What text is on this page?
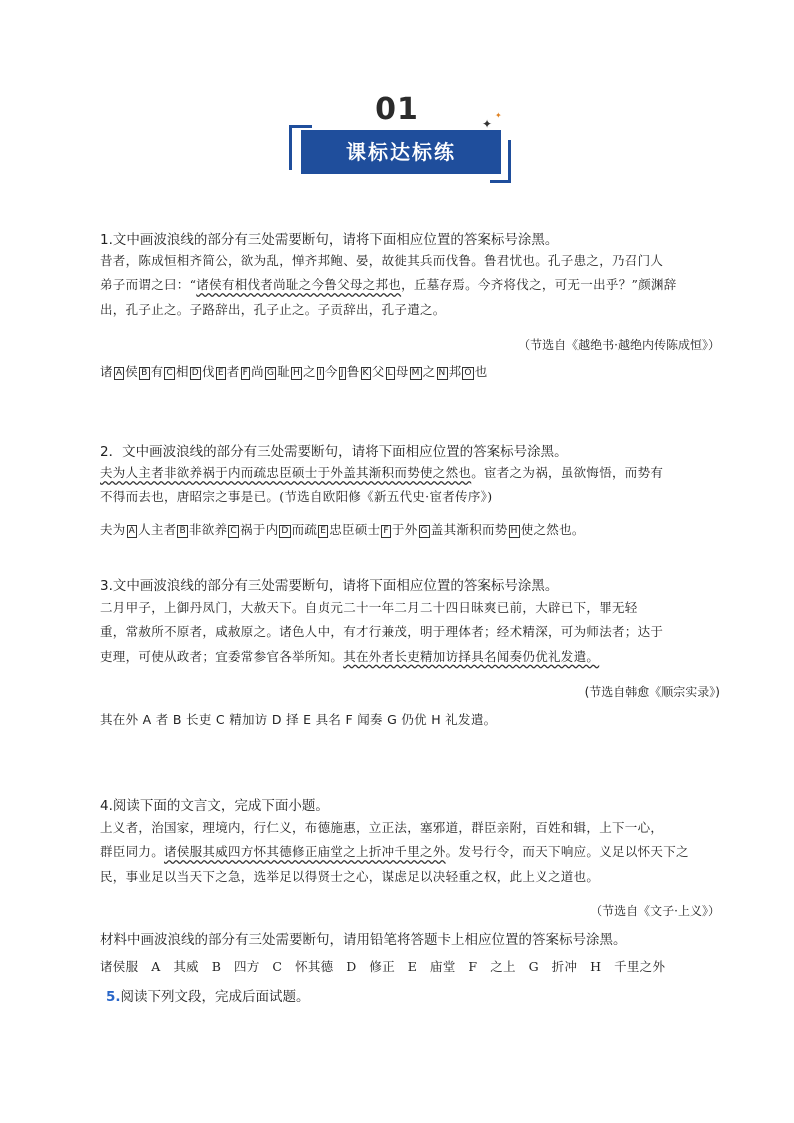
01
课标达标练
✦
✦
1.文中画波浪线的部分有三处需要断句，请将下面相应位置的答案标号涂黑。
昔者，陈成恒相齐简公，欲为乱，惮齐邦鲍、晏，故徙其兵而伐鲁。鲁君忧也。孔子患之，乃召门人
弟子而谓之曰：“诸侯有相伐者尚耻之今鲁父母之邦也，丘墓存焉。今齐将伐之，可无一出乎？”颜渊辞
出，孔子止之。子路辞出，孔子止之。子贡辞出，孔子遣之。
（节选自《越绝书·越绝内传陈成恒》）
诸 A 侯 B 有 C 相 D 伐 E 者 F 尚 G 耻 H 之 I 今 J 鲁 K 父 L 母 M 之 N 邦 O 也
2．文中画波浪线的部分有三处需要断句，请将下面相应位置的答案标号涂黑。
夫为人主者非欲养祸于内而疏忠臣硕士于外盖其渐积而势使之然也。宦者之为祸，虽欲悔悟，而势有
不得而去也，唐昭宗之事是已。(节选自欧阳修《新五代史·宦者传序》)
夫为 A 人主者 B 非欲养 C 祸于内 D 而疏 E 忠臣硕士 F 于外 G 盖其渐积而势 H 使之然也。
3.文中画波浪线的部分有三处需要断句，请将下面相应位置的答案标号涂黑。
二月甲子，上御丹凤门，大赦天下。自贞元二十一年二月二十四日昧爽已前，大辟已下，罪无轻
重，常赦所不原者，咸赦原之。诸色人中，有才行兼茂，明于理体者；经术精深，可为师法者；达于
吏理，可使从政者；宜委常参官各举所知。其在外者长吏精加访择具名闻奏仍优礼发遣。
(节选自韩愈《顺宗实录》)
其在外 A 者 B 长吏 C 精加访 D 择 E 具名 F 闻奏 G 仍优 H 礼发遣。
4.阅读下面的文言文，完成下面小题。
上义者，治国家，理境内，行仁义，布德施惠，立正法，塞邪道，群臣亲附，百姓和辑，上下一心，
群臣同力。诸侯服其威四方怀其德修正庙堂之上折冲千里之外。发号行令，而天下响应。义足以怀天下之
民，事业足以当天下之急，选举足以得贤士之心，谋虑足以决轻重之权，此上义之道也。
（节选自《文子·上义》）
材料中画波浪线的部分有三处需要断句，请用铅笔将答题卡上相应位置的答案标号涂黑。
诸侯服　A　其威　B　四方　C　怀其德　D　修正　E　庙堂　F　之上　G　折冲　H　千里之外
5.阅读下列文段，完成后面试题。
